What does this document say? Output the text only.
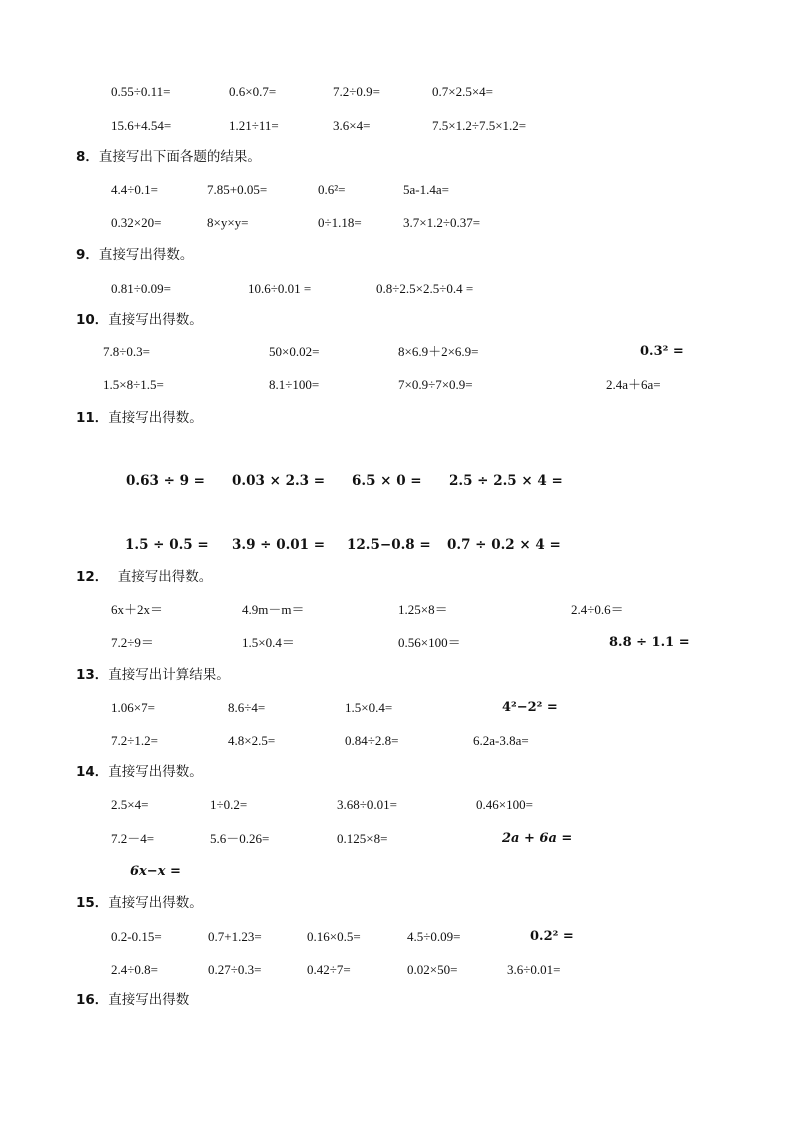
0.55÷0.11=	0.6×0.7=	7.2÷0.9=	0.7×2.5×4=
15.6+4.54=	1.21÷11=	3.6×4=	7.5×1.2÷7.5×1.2=
8．直接写出下面各题的结果。
4.4÷0.1=	7.85+0.05=	0.6²=	5a-1.4a=
0.32×20=	8×y×y=	0÷1.18=	3.7×1.2÷0.37=
9．直接写出得数。
0.81÷0.09=	10.6÷0.01 =	0.8÷2.5×2.5÷0.4 =
10．直接写出得数。
7.8÷0.3=	50×0.02=	8×6.9＋2×6.9=	0.3² =
1.5×8÷1.5=	8.1÷100=	7×0.9÷7×0.9=	2.4a＋6a=
11．直接写出得数。
0.63 ÷ 9 = 0.03 × 2.3 = 6.5 × 0 = 2.5 ÷ 2.5 × 4 =
1.5 ÷ 0.5 = 3.9 ÷ 0.01 = 12.5−0.8 = 0.7 ÷ 0.2 × 4 =
12．  直接写出得数。
6x＋2x＝	4.9m－m＝	1.25×8＝	2.4÷0.6＝
7.2÷9＝	1.5×0.4＝	0.56×100＝	8.8 ÷ 1.1 =
13．直接写出计算结果。
1.06×7=	8.6÷4=	1.5×0.4=	4²−2² =
7.2÷1.2=	4.8×2.5=	0.84÷2.8=	6.2a-3.8a=
14．直接写出得数。
2.5×4=	1÷0.2=	3.68÷0.01=	0.46×100=
7.2－4=	5.6－0.26=	0.125×8=	2a + 6a =
6x−x =
15．直接写出得数。
0.2-0.15=	0.7+1.23=	0.16×0.5=	4.5÷0.09=	0.2² =
2.4÷0.8=	0.27÷0.3=	0.42÷7=	0.02×50=	3.6÷0.01=
16．直接写出得数
